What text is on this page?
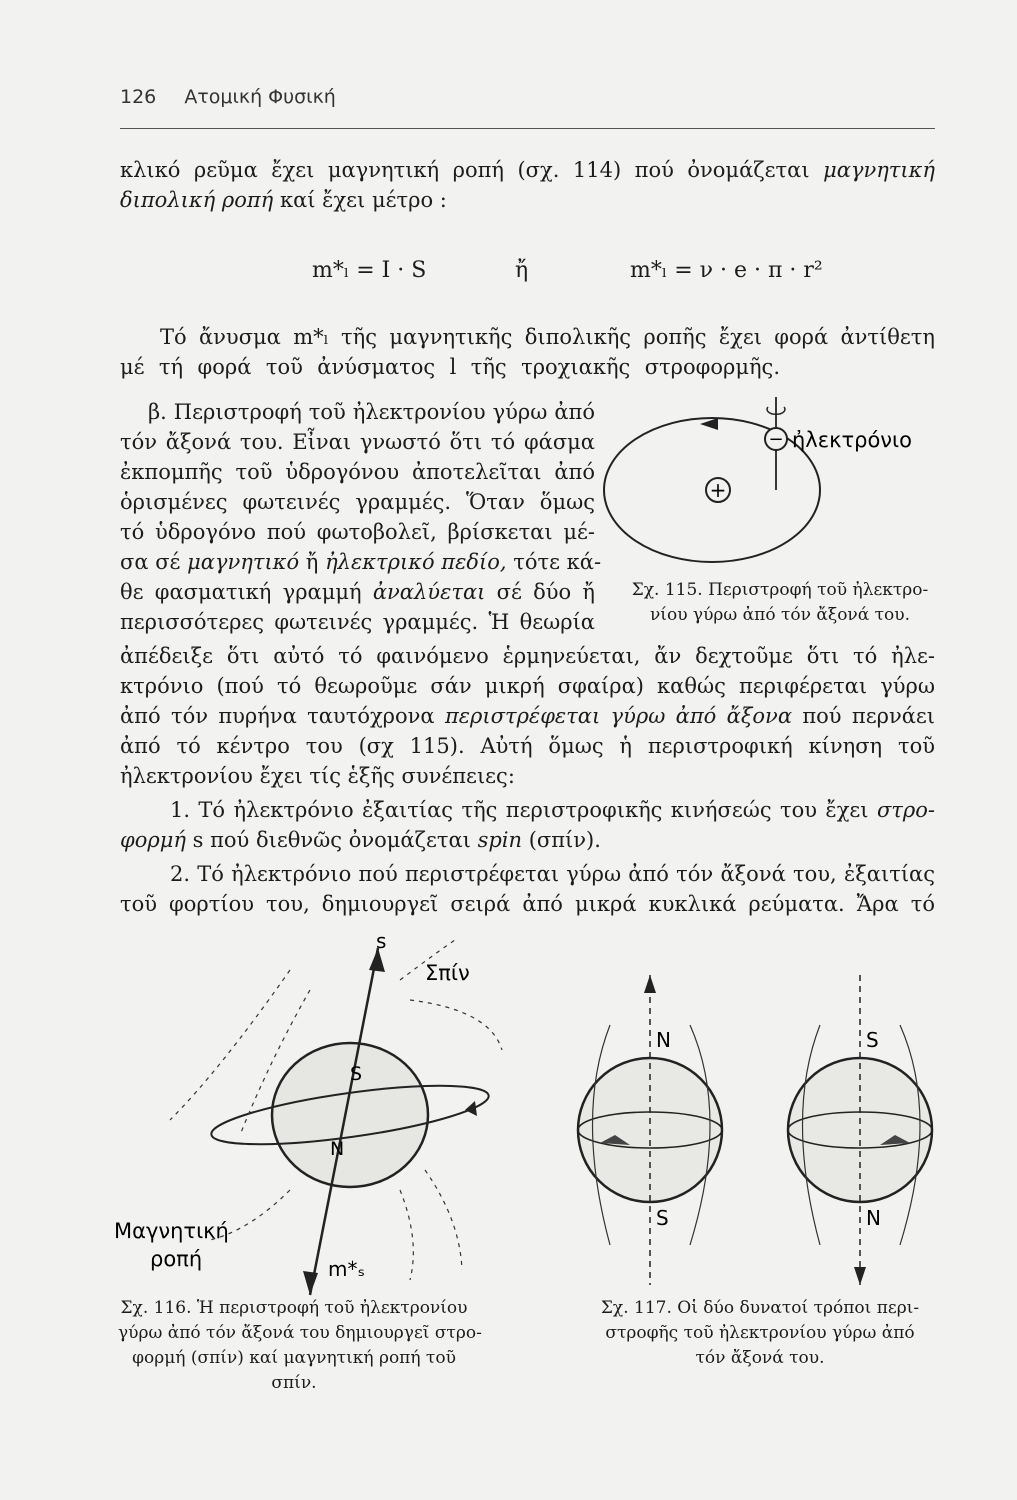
126 Ατομική Φυσική
κλικό ρεῦμα ἔχει μαγνητική ροπή (σχ. 114) πού ὀνομάζεται μαγνητική
διπολική ροπή καί ἔχει μέτρο :
m*ₗ = I · S	ἤ	m*ₗ = ν · e · π · r²
Τό ἄνυσμα m*ₗ τῆς μαγνητικῆς διπολικῆς ροπῆς ἔχει φορά ἀντίθετη
μέ τή φορά τοῦ ἀνύσματος l τῆς τροχιακῆς στροφορμῆς.
β. Περιστροφή τοῦ ἠλεκτρονίου γύρω ἀπό
τόν ἄξονά του. Εἶναι γνωστό ὅτι τό φάσμα
ἐκπομπῆς τοῦ ὑδρογόνου ἀποτελεῖται ἀπό
ὁρισμένες φωτεινές γραμμές. Ὅταν ὅμως
τό ὑδρογόνο πού φωτοβολεῖ, βρίσκεται μέ-
σα σέ μαγνητικό ἤ ἠλεκτρικό πεδίο, τότε κά-
θε φασματική γραμμή ἀναλύεται σέ δύο ἤ
περισσότερες φωτεινές γραμμές. Ἡ θεωρία
ἀπέδειξε ὅτι αὐτό τό φαινόμενο ἑρμηνεύεται, ἄν δεχτοῦμε ὅτι τό ἠλε-
κτρόνιο (πού τό θεωροῦμε σάν μικρή σφαίρα) καθώς περιφέρεται γύρω
ἀπό τόν πυρήνα ταυτόχρονα περιστρέφεται γύρω ἀπό ἄξονα πού περνάει
ἀπό τό κέντρο του (σχ 115). Αὐτή ὅμως ἡ περιστροφική κίνηση τοῦ
ἠλεκτρονίου ἔχει τίς ἑξῆς συνέπειες:
1. Τό ἠλεκτρόνιο ἐξαιτίας τῆς περιστροφικῆς κινήσεώς του ἔχει στρο-
φορμή s πού διεθνῶς ὀνομάζεται spin (σπίν).
2. Τό ἠλεκτρόνιο πού περιστρέφεται γύρω ἀπό τόν ἄξονά του, ἐξαιτίας
τοῦ φορτίου του, δημιουργεῖ σειρά ἀπό μικρά κυκλικά ρεύματα. Ἄρα τό
+
− ἠλεκτρόνιο
Σχ. 115. Περιστροφή τοῦ ἠλεκτρο-
νίου γύρω ἀπό τόν ἄξονά του.
s
Σπίν
S
N
Μαγνητική
ροπή	m*ₛ
Σχ. 116. Ἡ περιστροφή τοῦ ἠλεκτρονίου
γύρω ἀπό τόν ἄξονά του δημιουργεῖ στρο-
φορμή (σπίν) καί μαγνητική ροπή τοῦ
σπίν.
N
S
S
N
Σχ. 117. Οἱ δύο δυνατοί τρόποι περι-
στροφῆς τοῦ ἠλεκτρονίου γύρω ἀπό
τόν ἄξονά του.
